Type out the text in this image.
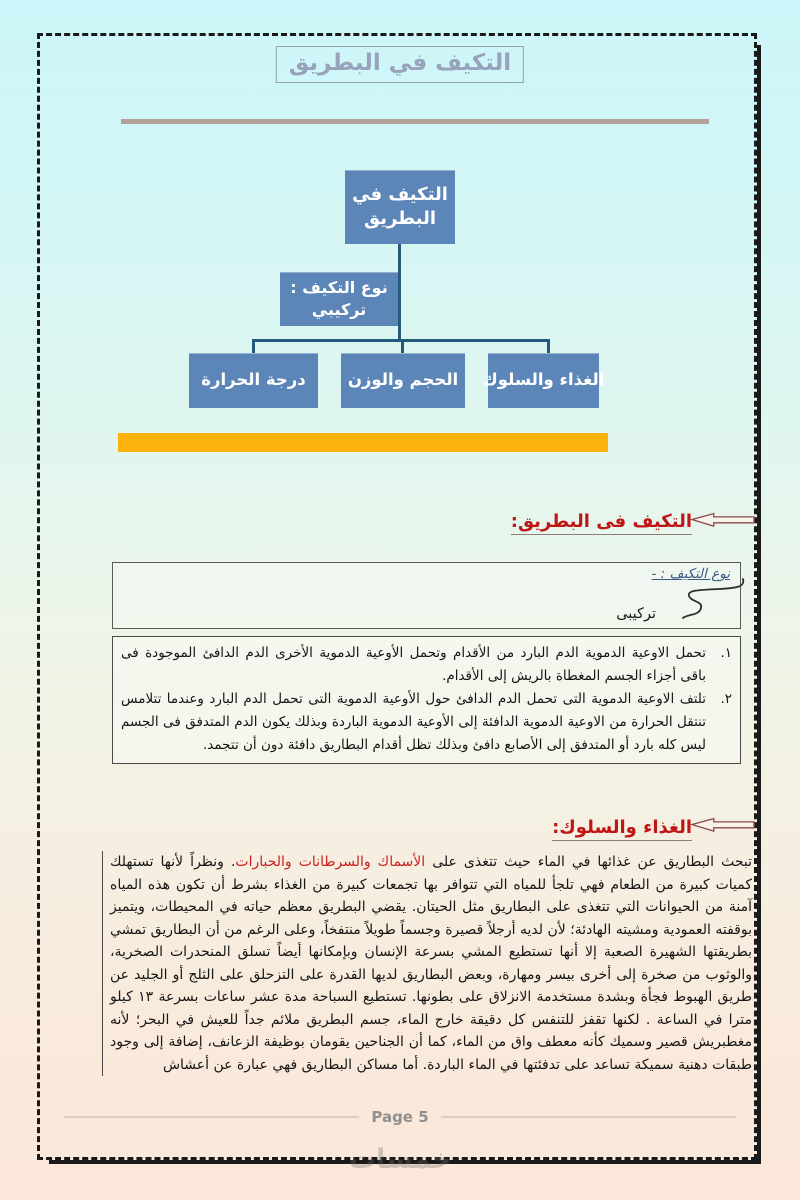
التكيف في البطريق
التكيف في
البطريق
نوع التكيف :
تركيبي
الغذاء والسلوك
الحجم والوزن
درجة الحرارة
التكيف فى البطريق:
نوع التكيف : -
تركيبى
١.
تحمل الاوعية الدموية الدم البارد من الأقدام وتحمل الأوعية الدموية الأخرى الدم الدافئ الموجودة فى باقى أجزاء الجسم المغطاة بالريش إلى الأقدام.
٢.
تلتف الاوعية الدموية التى تحمل الدم الدافئ حول الأوعية الدموية التى تحمل الدم البارد وعندما تتلامس تنتقل الحرارة من الاوعية الدموية الدافئة إلى الأوعية الدموية الباردة وبذلك يكون الدم المتدفق فى الجسم ليس كله بارد أو المتدفق إلى الأصابع دافئ وبذلك تظل أقدام البطاريق دافئة دون أن تتجمد.
الغذاء والسلوك:
تبحث البطاريق عن غذائها في الماء حيث تتغذى على الأسماك والسرطانات والحبارات. ونظراً لأنها تستهلك كميات كبيرة من الطعام فهي تلجأ للمياه التي تتوافر بها تجمعات كبيرة من الغذاء بشرط أن تكون هذه المياه آمنة من الحيوانات التي تتغذى على البطاريق مثل الحيتان. يقضي البطريق معظم حياته في المحيطات، ويتميز بوقفته العمودية ومشيته الهادئة؛ لأن لديه أرجلاً قصيرة وجسماً طويلاً منتفخاً، وعلى الرغم من أن البطاريق تمشي بطريقتها الشهيرة الصعبة إلا أنها تستطيع المشي بسرعة الإنسان وبإمكانها أيضاً تسلق المنحدرات الصخرية، والوثوب من صخرة إلى أخرى بيسر ومهارة، وبعض البطاريق لديها القدرة على التزحلق على الثلج أو الجليد عن طريق الهبوط فجأة وبشدة مستخدمة الانزلاق على بطونها. تستطيع السباحة مدة عشر ساعات بسرعة ١٣ كيلو مترا في الساعة . لكنها تقفز للتنفس كل دقيقة خارج الماء، جسم البطريق ملائم جداً للعيش في البحر؛ لأنه مغطبريش قصير وسميك كأنه معطف واق من الماء، كما أن الجناحين يقومان بوظيفة الزعانف، إضافة إلى وجود طبقات دهنية سميكة تساعد على تدفئتها في الماء الباردة. أما مساكن البطاريق فهي عبارة عن أعشاش
Page 5
خمسات
